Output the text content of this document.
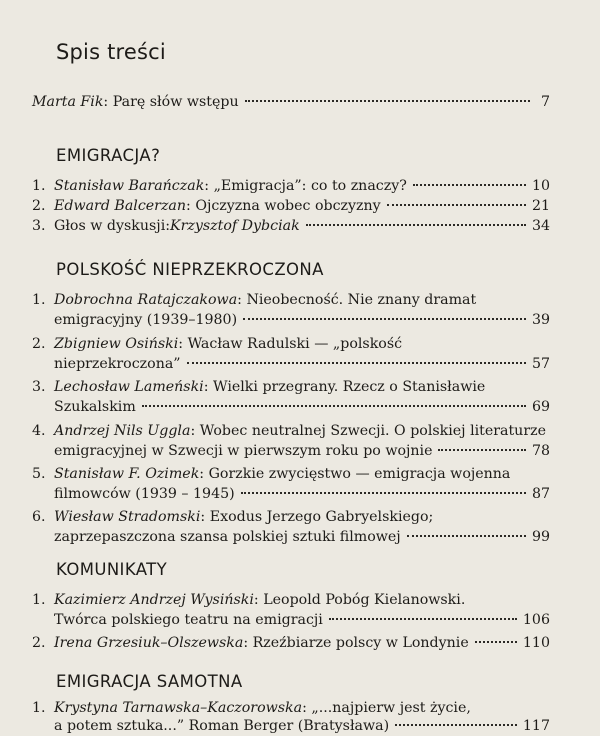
Spis treści
Marta Fik : Parę słów wstępu	7
EMIGRACJA?
1. Stanisław Barańczak : „Emigracja”: co to znaczy?	10
2. Edward Balcerzan : Ojczyzna wobec obczyzny	21
3. Głos w dyskusji: Krzysztof Dybciak	34
POLSKOŚĆ NIEPRZEKROCZONA
1. Dobrochna Ratajczakowa : Nieobecność. Nie znany dramat
emigracyjny (1939–1980)	39
2. Zbigniew Osiński : Wacław Radulski — „polskość
nieprzekroczona”	57
3. Lechosław Lameński : Wielki przegrany. Rzecz o Stanisławie
Szukalskim	69
4. Andrzej Nils Uggla : Wobec neutralnej Szwecji. O polskiej literaturze
emigracyjnej w Szwecji w pierwszym roku po wojnie	78
5. Stanisław F. Ozimek : Gorzkie zwycięstwo — emigracja wojenna
filmowców (1939 – 1945)	87
6. Wiesław Stradomski : Exodus Jerzego Gabryelskiego;
zaprzepaszczona szansa polskiej sztuki filmowej	99
KOMUNIKATY
1. Kazimierz Andrzej Wysiński : Leopold Pobóg Kielanowski.
Twórca polskiego teatru na emigracji	106
2. Irena Grzesiuk–Olszewska : Rzeźbiarze polscy w Londynie	110
EMIGRACJA SAMOTNA
1. Krystyna Tarnawska–Kaczorowska : „...najpierw jest życie,
a potem sztuka...” Roman Berger (Bratysława)	117
